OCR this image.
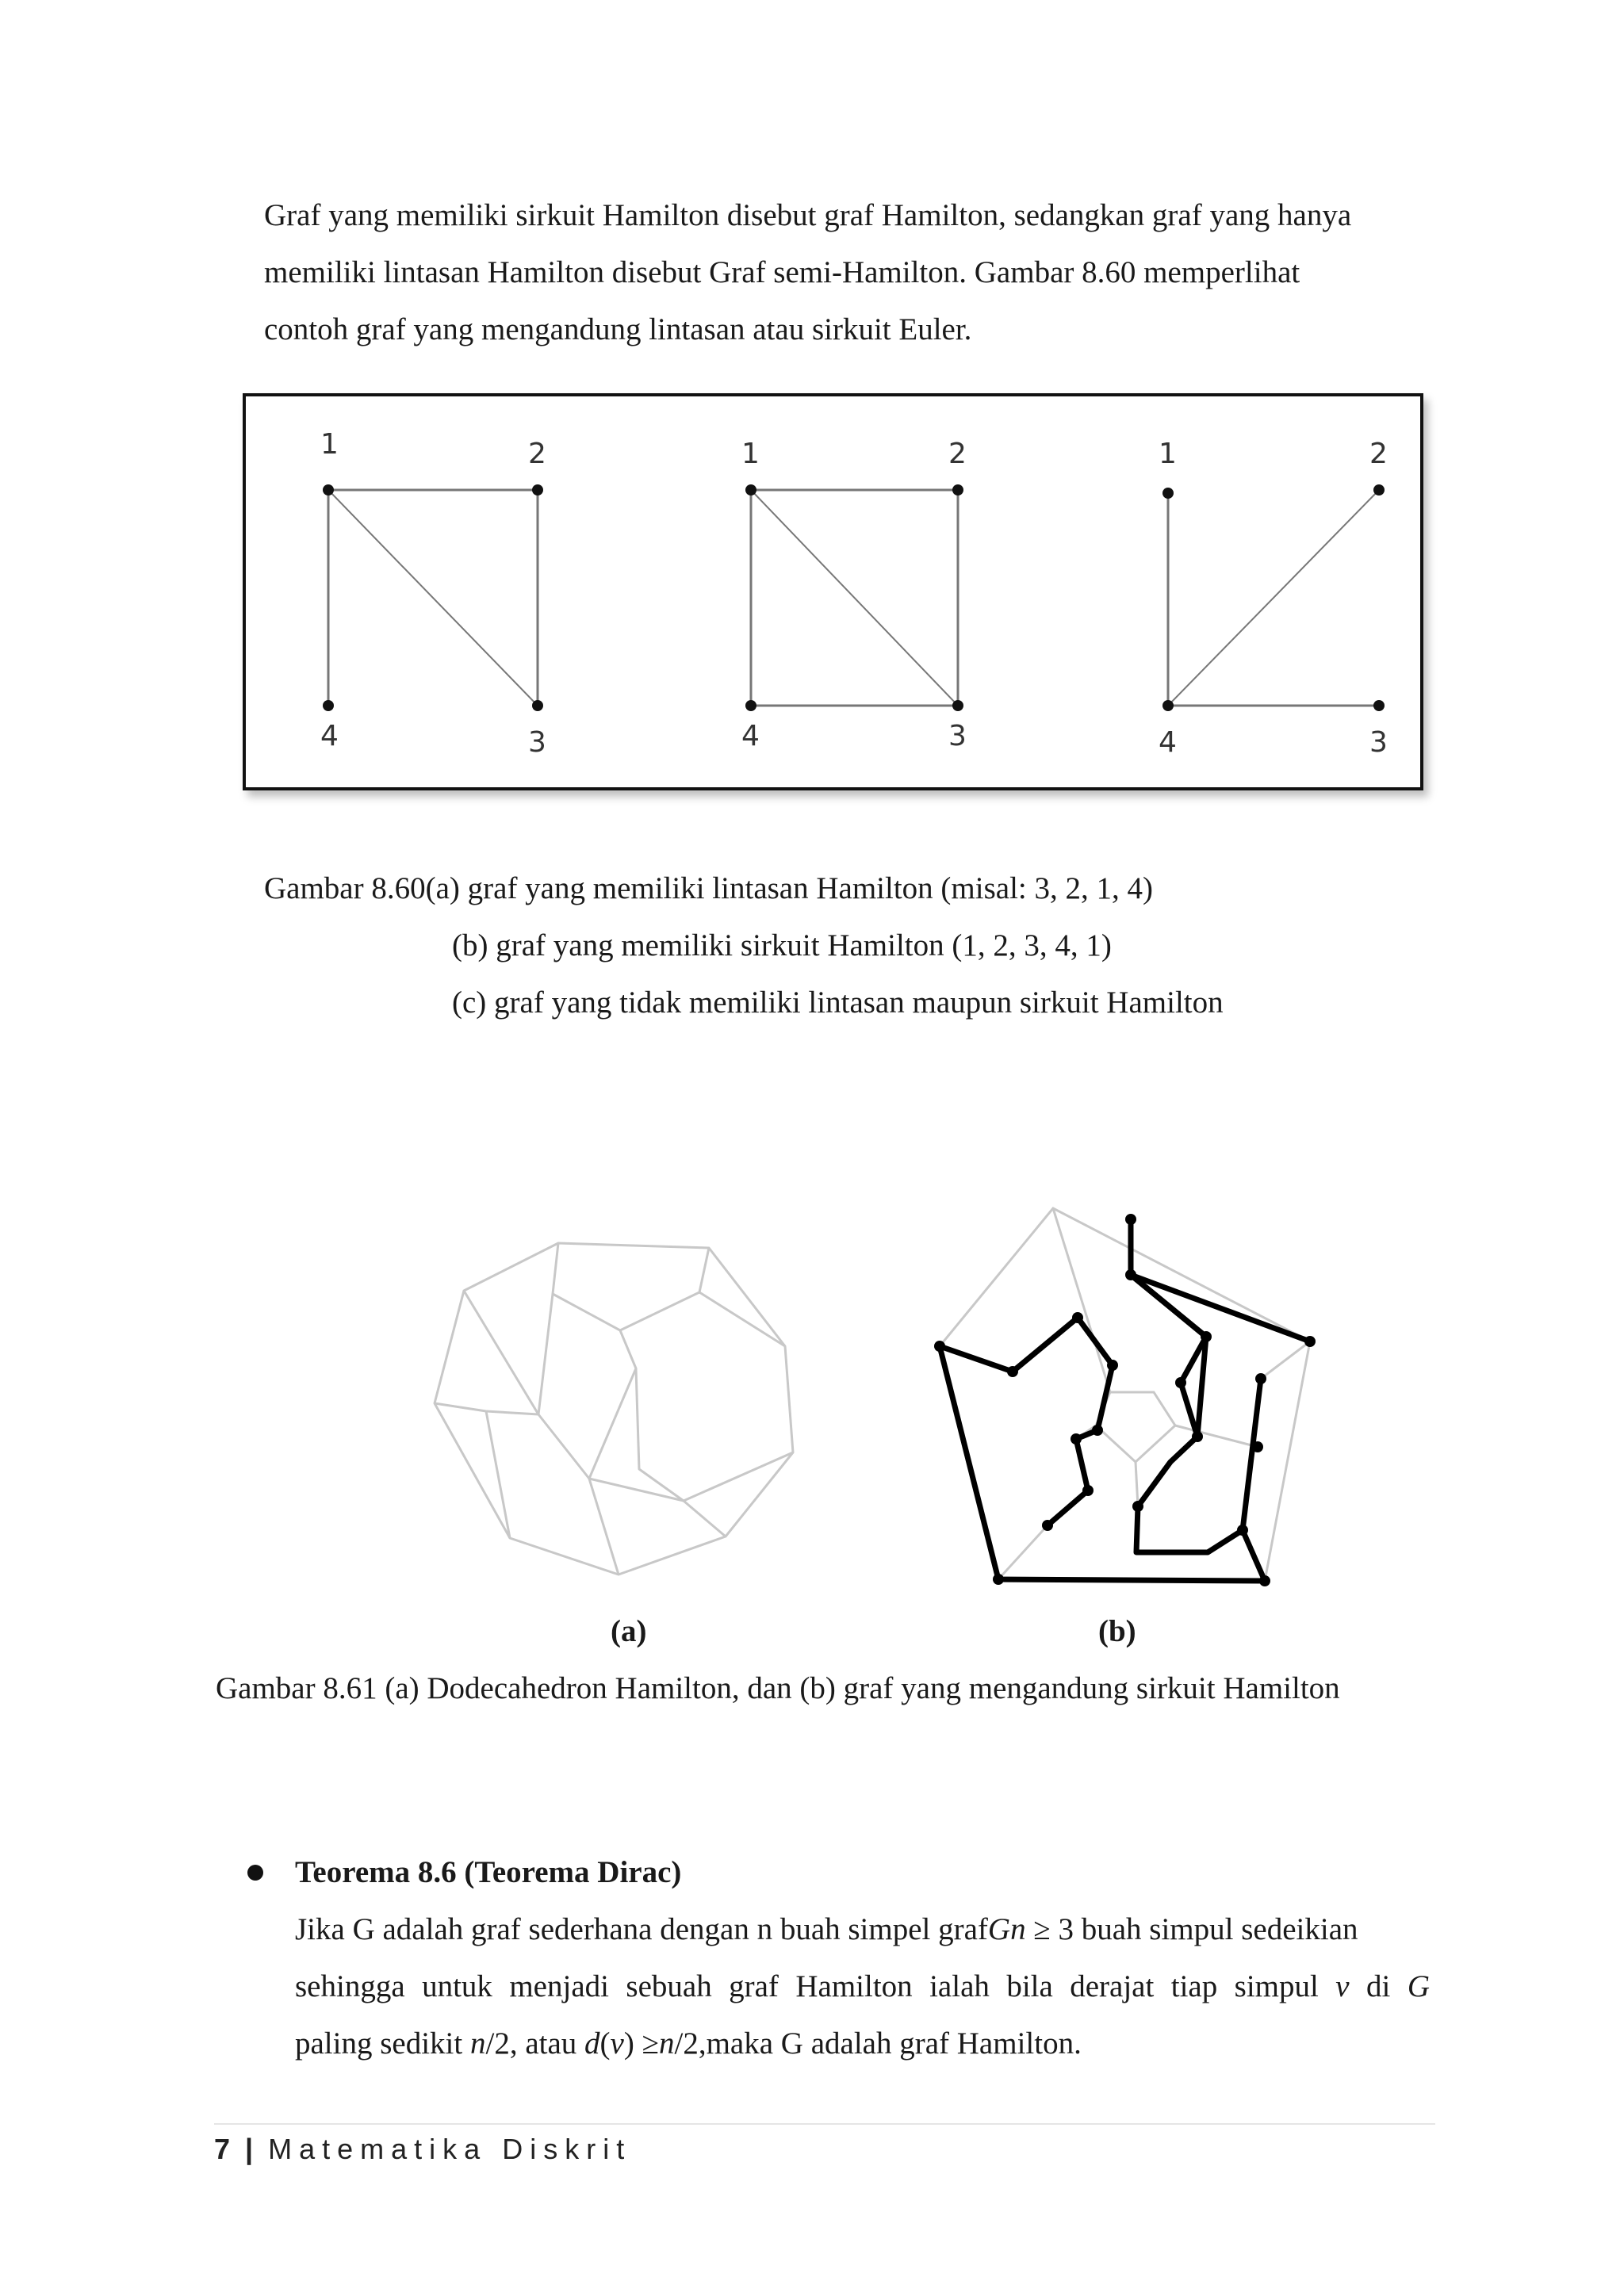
Graf yang memiliki sirkuit Hamilton disebut graf Hamilton, sedangkan graf yang hanya

memiliki lintasan Hamilton disebut Graf semi-Hamilton. Gambar 8.60 memperlihat

contoh graf yang mengandung lintasan atau sirkuit Euler.

1	2
3
4
1	2
3
4
1	2
3
4

Gambar 8.60(a) graf yang memiliki lintasan Hamilton (misal: 3, 2, 1, 4)

(b) graf yang memiliki sirkuit Hamilton (1, 2, 3, 4, 1)

(c) graf yang tidak memiliki lintasan maupun sirkuit Hamilton

(a)	(b)

Gambar 8.61 (a) Dodecahedron Hamilton, dan (b) graf yang mengandung sirkuit Hamilton

Teorema 8.6 (Teorema Dirac)

Jika G adalah graf sederhana dengan n buah simpel grafGn ≥ 3 buah simpul sedeikian

sehingga untuk menjadi sebuah graf Hamilton ialah bila derajat tiap simpul v di G

paling sedikit n/2, atau d(v) ≥n/2,maka G adalah graf Hamilton.

7 | Matematika Diskrit
